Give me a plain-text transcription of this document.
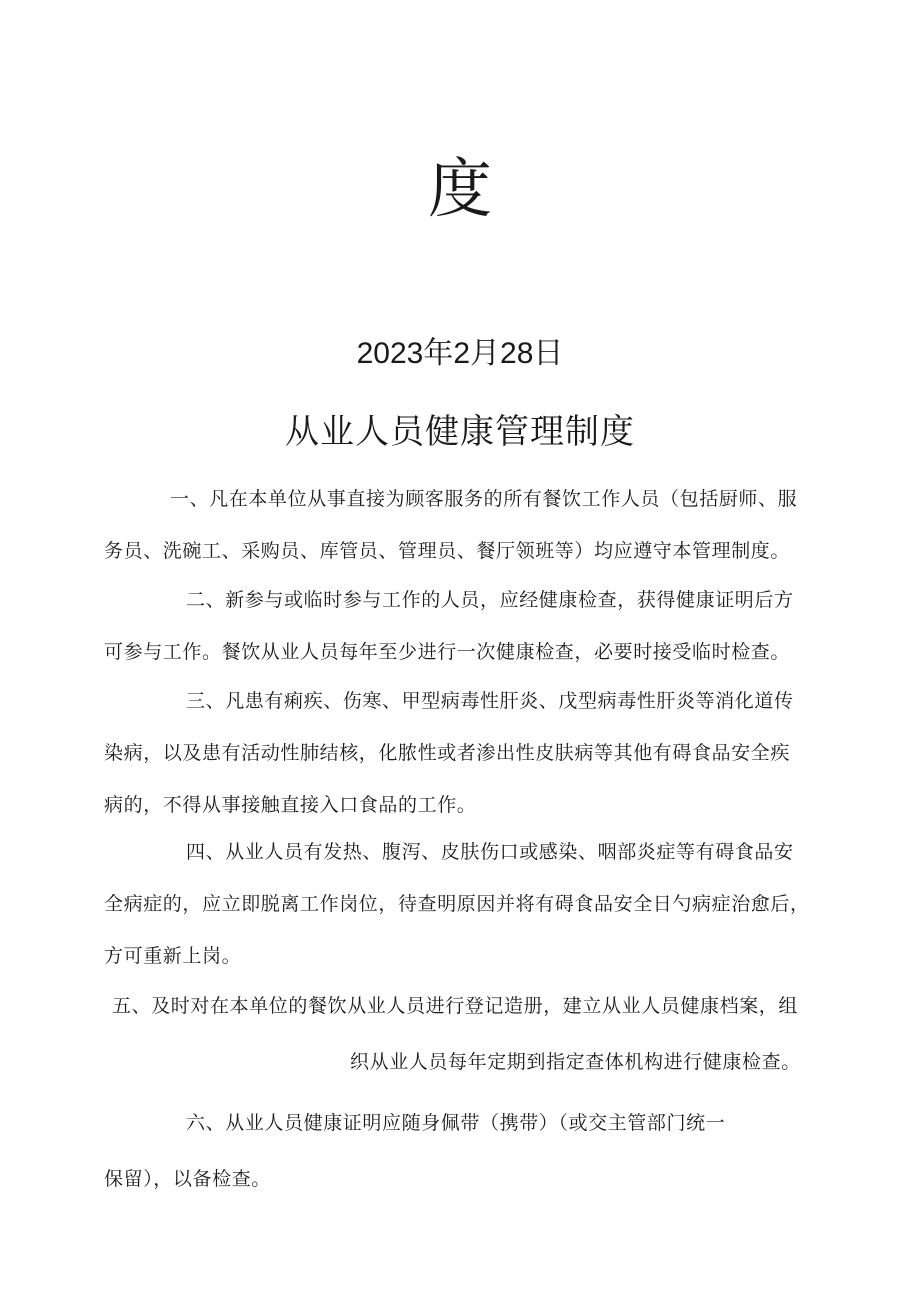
度
2023年2月28日
从业人员健康管理制度
一、凡在本单位从事直接为顾客服务的所有餐饮工作人员（包括厨师、服
务员、洗碗工、采购员、库管员、管理员、餐厅领班等）均应遵守本管理制度。
二、新参与或临时参与工作的人员，应经健康检查，获得健康证明后方
可参与工作。餐饮从业人员每年至少进行一次健康检查，必要时接受临时检查。
三、凡患有痢疾、伤寒、甲型病毒性肝炎、戊型病毒性肝炎等消化道传
染病，以及患有活动性肺结核，化脓性或者渗出性皮肤病等其他有碍食品安全疾
病的，不得从事接触直接入口食品的工作。
四、从业人员有发热、腹泻、皮肤伤口或感染、咽部炎症等有碍食品安
全病症的，应立即脱离工作岗位，待查明原因并将有碍食品安全日勺病症治愈后，
方可重新上岗。
五、及时对在本单位的餐饮从业人员进行登记造册，建立从业人员健康档案，组
织从业人员每年定期到指定查体机构进行健康检查。
六、从业人员健康证明应随身佩带（携带）（或交主管部门统一
保留），以备检查。
